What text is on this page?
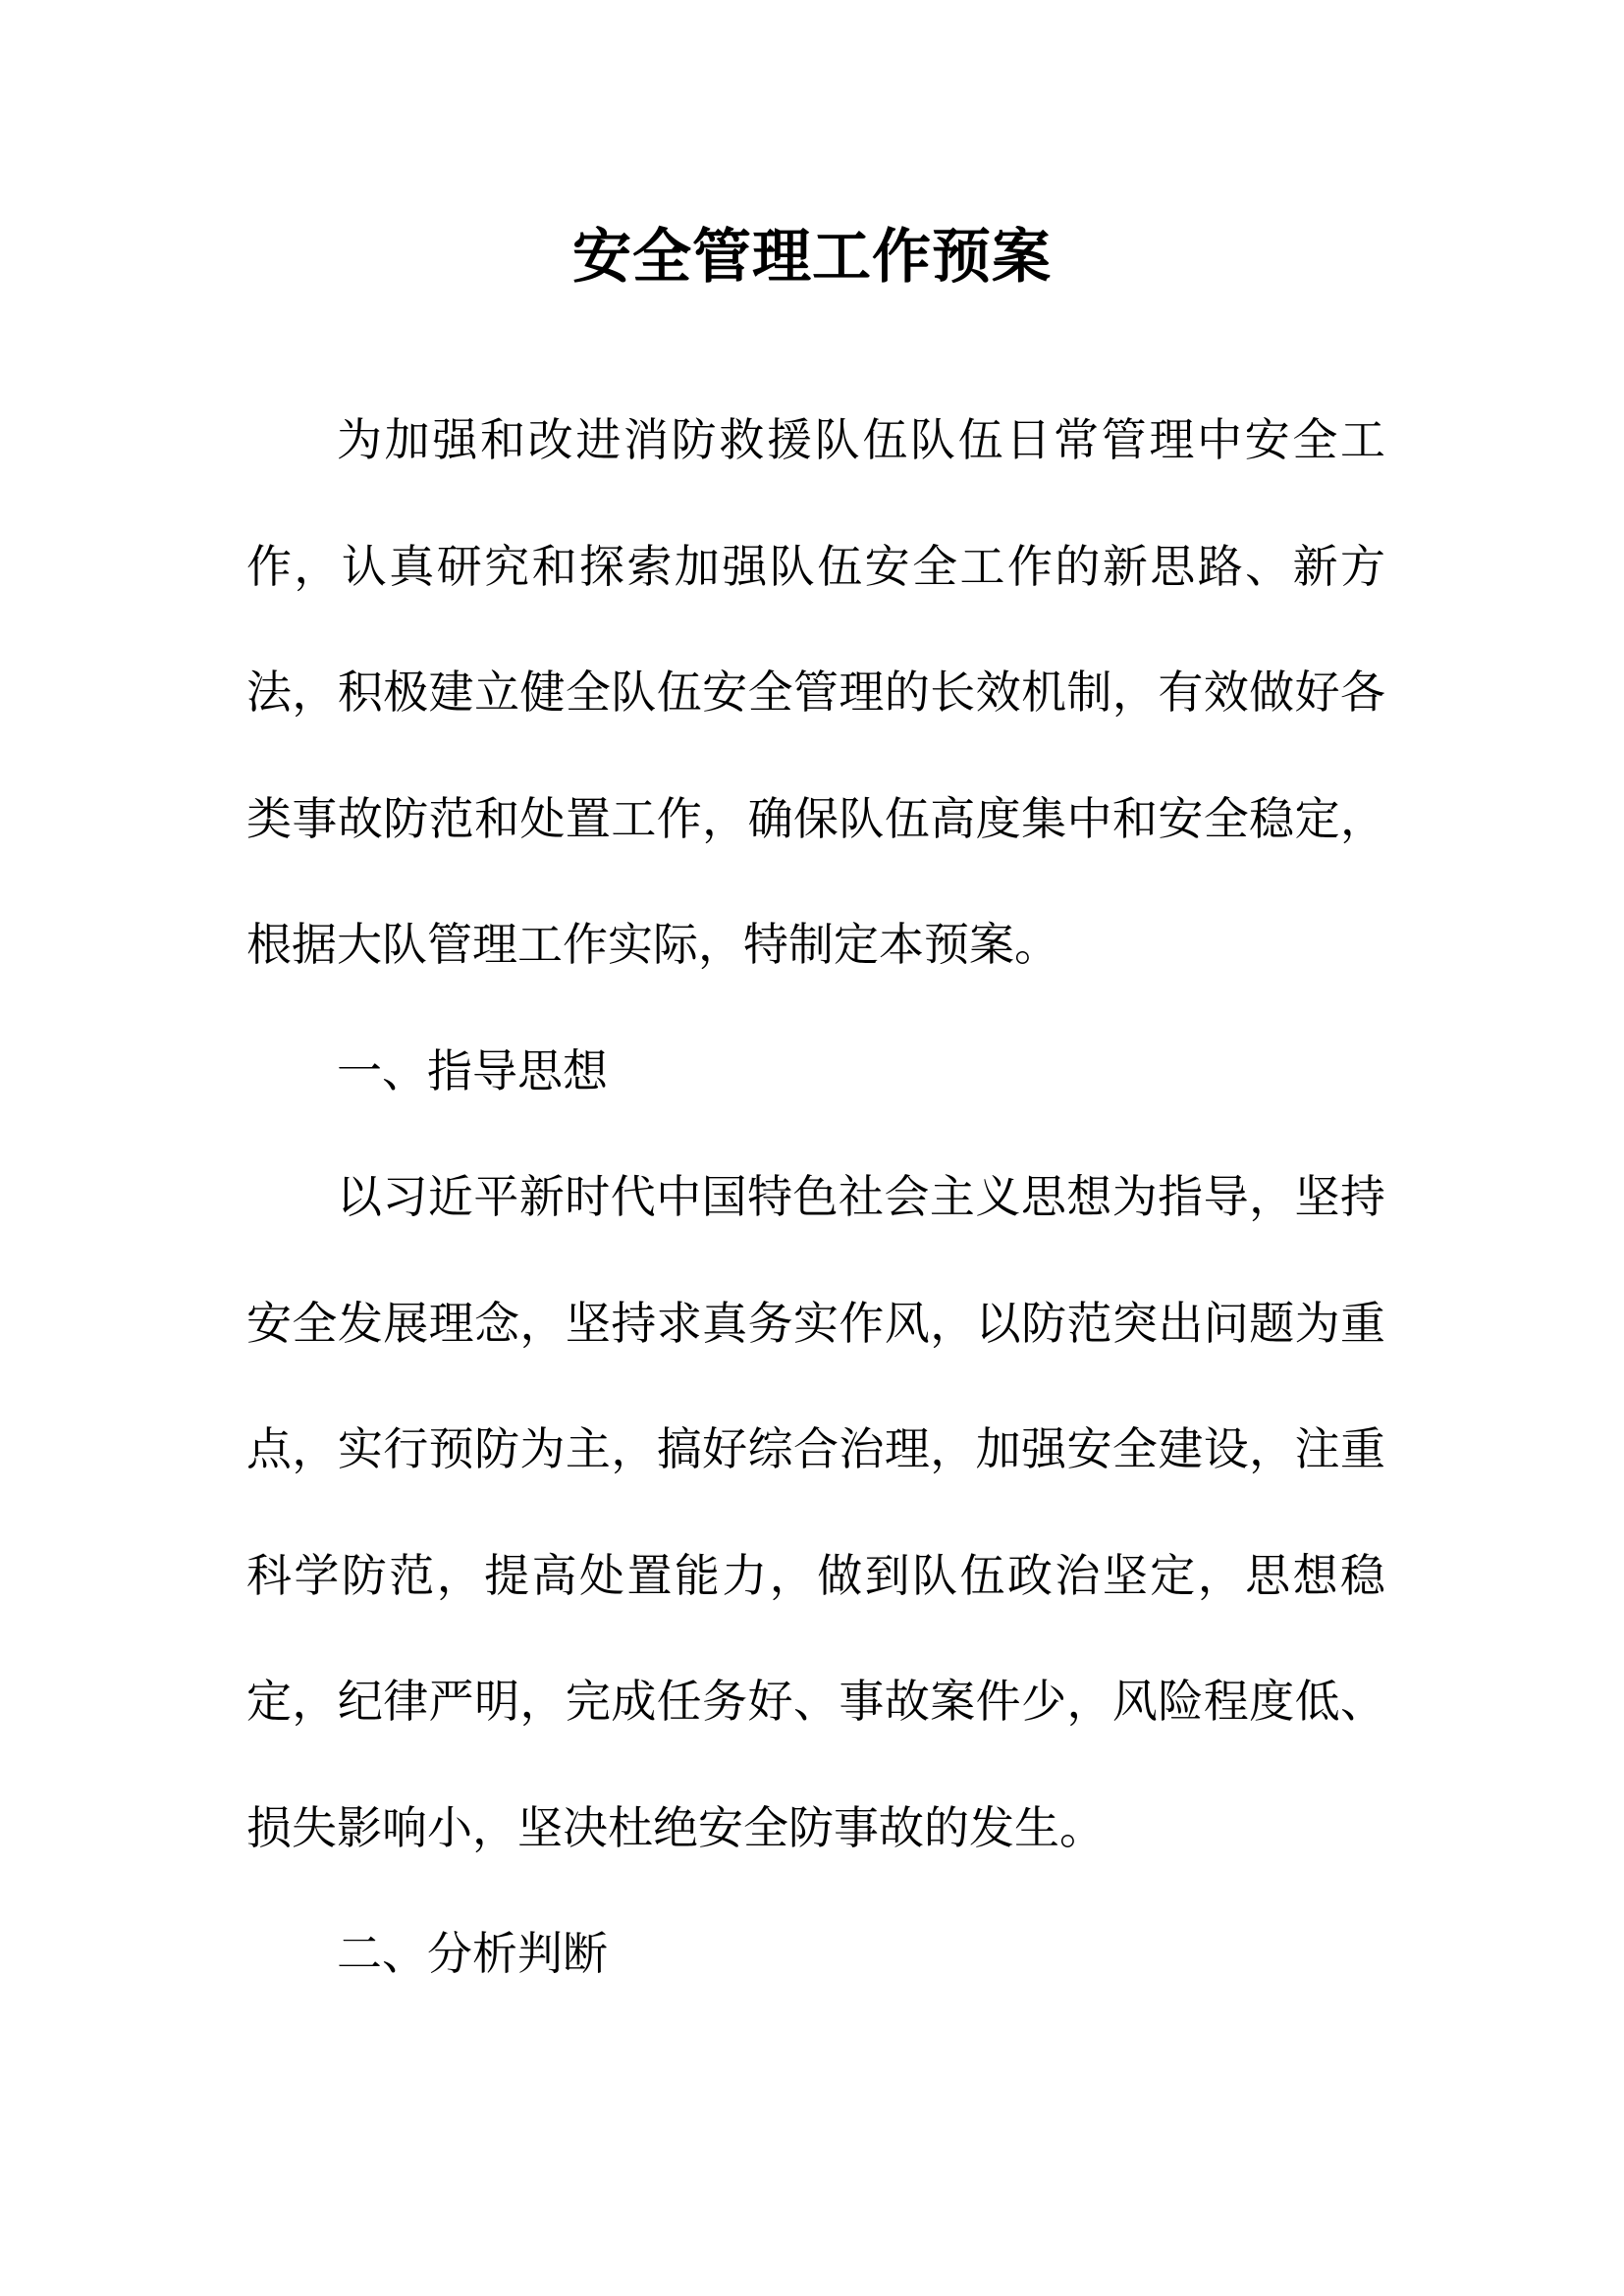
安全管理工作预案

为加强和改进消防救援队伍队伍日常管理中安全工作，认真研究和探索加强队伍安全工作的新思路、新方法，积极建立健全队伍安全管理的长效机制，有效做好各类事故防范和处置工作，确保队伍高度集中和安全稳定，根据大队管理工作实际，特制定本预案。

一、指导思想

以习近平新时代中国特色社会主义思想为指导，坚持安全发展理念，坚持求真务实作风，以防范突出问题为重点，实行预防为主，搞好综合治理，加强安全建设，注重科学防范，提高处置能力，做到队伍政治坚定，思想稳定，纪律严明，完成任务好、事故案件少，风险程度低、损失影响小，坚决杜绝安全防事故的发生。

二、分析判断
